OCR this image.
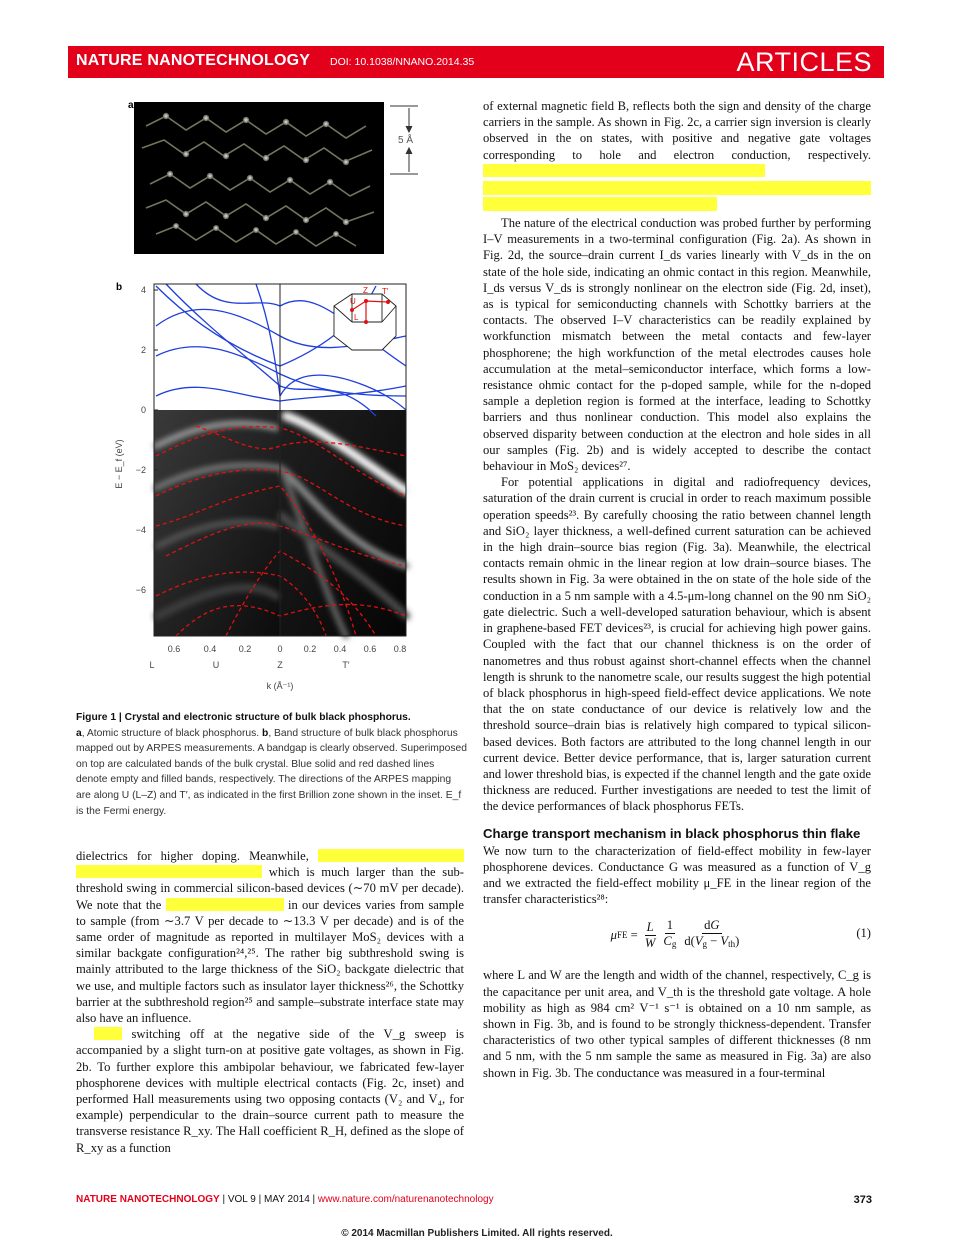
NATURE NANOTECHNOLOGY DOI: 10.1038/NNANO.2014.35	ARTICLES
a
5 Å
b	Z T′
U
L
4
2
0
−2
−4
−6
E − E_f (eV)
0.6	0.4 0.2	0 0.2 0.4 0.6 0.8
L	U	Z	T′
k (Å⁻¹)
Figure 1 | Crystal and electronic structure of bulk black phosphorus.
a, Atomic structure of black phosphorus. b, Band structure of bulk black phosphorus mapped out by ARPES measurements. A bandgap is clearly observed. Superimposed on top are calculated bands of the bulk crystal. Blue solid and red dashed lines denote empty and filled bands, respectively. The directions of the ARPES mapping are along U (L–Z) and T′, as indicated in the first Brillion zone shown in the inset. E_f is the Fermi energy.

dielectrics for higher doping. Meanwhile,   which is much larger than the sub-threshold swing in commercial silicon-based devices (∼70 mV per decade). We note that the	in our devices varies from sample to sample (from ∼3.7 V per decade to ∼13.3 V per decade) and is of the same order of magnitude as reported in multilayer MoS₂ devices with a similar backgate configuration²⁴,²⁵. The rather big subthreshold swing is mainly attributed to the large thickness of the SiO₂ backgate dielectric that we use, and multiple factors such as insulator layer thickness²⁶, the Schottky barrier at the subthreshold region²⁵ and sample–substrate interface state may also have an influence.

switching off at the negative side of the V_g sweep is accompanied by a slight turn-on at positive gate voltages, as shown in Fig. 2b. To further explore this ambipolar behaviour, we fabricated few-layer phosphorene devices with multiple electrical contacts (Fig. 2c, inset) and performed Hall measurements using two opposing contacts (V₂ and V₄, for example) perpendicular to the drain–source current path to measure the transverse resistance R_xy. The Hall coefficient R_H, defined as the slope of R_xy as a function

of external magnetic field B, reflects both the sign and density of the charge carriers in the sample. As shown in Fig. 2c, a carrier sign inversion is clearly observed in the on states, with positive and negative gate voltages corresponding to hole and electron conduction, respectively.

The nature of the electrical conduction was probed further by performing I–V measurements in a two-terminal configuration (Fig. 2a). As shown in Fig. 2d, the source–drain current I_ds varies linearly with V_ds in the on state of the hole side, indicating an ohmic contact in this region. Meanwhile, I_ds versus V_ds is strongly nonlinear on the electron side (Fig. 2d, inset), as is typical for semiconducting channels with Schottky barriers at the contacts. The observed I–V characteristics can be readily explained by workfunction mismatch between the metal contacts and few-layer phosphorene; the high workfunction of the metal electrodes causes hole accumulation at the metal–semiconductor interface, which forms a low-resistance ohmic contact for the p-doped sample, while for the n-doped sample a depletion region is formed at the interface, leading to Schottky barriers and thus nonlinear conduction. This model also explains the observed disparity between conduction at the electron and hole sides in all our samples (Fig. 2b) and is widely accepted to describe the contact behaviour in MoS₂ devices²⁷.

For potential applications in digital and radiofrequency devices, saturation of the drain current is crucial in order to reach maximum possible operation speeds²³. By carefully choosing the ratio between channel length and SiO₂ layer thickness, a well-defined current saturation can be achieved in the high drain–source bias region (Fig. 3a). Meanwhile, the electrical contacts remain ohmic in the linear region at low drain–source biases. The results shown in Fig. 3a were obtained in the on state of the hole side of the conduction in a 5 nm sample with a 4.5-μm-long channel on the 90 nm SiO₂ gate dielectric. Such a well-developed saturation behaviour, which is absent in graphene-based FET devices²³, is crucial for achieving high power gains. Coupled with the fact that our channel thickness is on the order of nanometres and thus robust against short-channel effects when the channel length is shrunk to the nanometre scale, our results suggest the high potential of black phosphorus in high-speed field-effect device applications. We note that the on state conductance of our device is relatively low and the threshold source–drain bias is relatively high compared to typical silicon-based devices. Both factors are attributed to the long channel length in our current device. Better device performance, that is, larger saturation current and lower threshold bias, is expected if the channel length and the gate oxide thickness are reduced. Further investigations are needed to test the limit of the device performances of black phosphorus FETs.

Charge transport mechanism in black phosphorus thin flake

We now turn to the characterization of field-effect mobility in few-layer phosphorene devices. Conductance G was measured as a function of V_g and we extracted the field-effect mobility μ_FE in the linear region of the transfer characteristics²⁸:

μ FE = $\frac{L}{W} \frac{1}{C_g} \frac{dG}{d(V_g - V_{th})}$	(1)

where L and W are the length and width of the channel, respectively, C_g is the capacitance per unit area, and V_th is the threshold gate voltage. A hole mobility as high as 984 cm² V⁻¹ s⁻¹ is obtained on a 10 nm sample, as shown in Fig. 3b, and is found to be strongly thickness-dependent. Transfer characteristics of two other typical samples of different thicknesses (8 nm and 5 nm, with the 5 nm sample the same as measured in Fig. 3a) are also shown in Fig. 3b. The conductance was measured in a four-terminal

NATURE NANOTECHNOLOGY | VOL 9 | MAY 2014 | www.nature.com/naturenanotechnology	373
© 2014 Macmillan Publishers Limited. All rights reserved.
